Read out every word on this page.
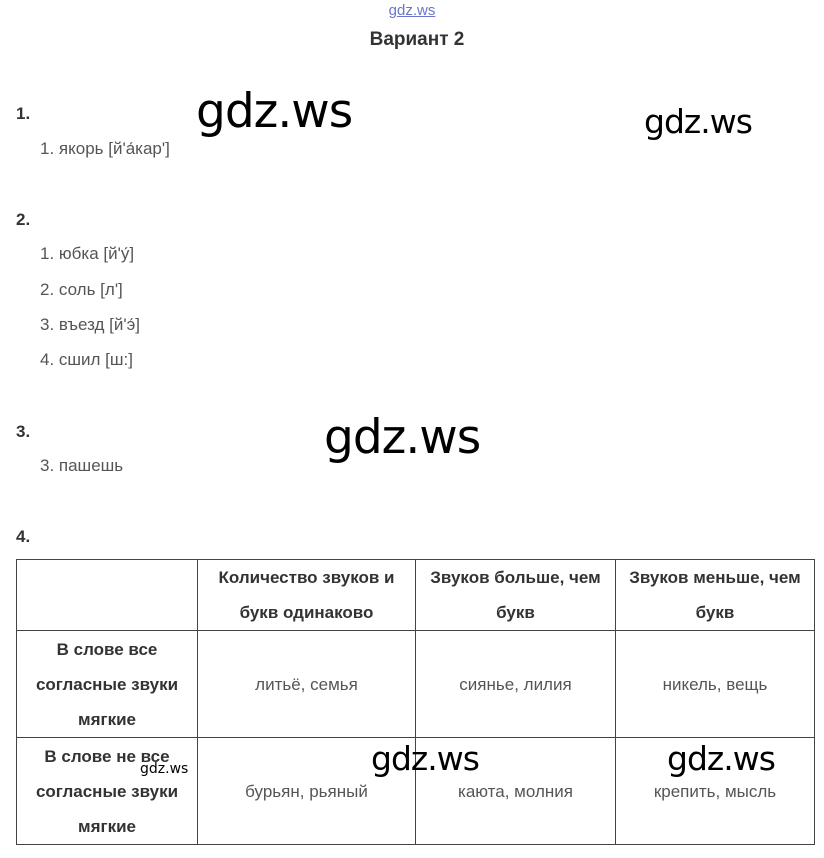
gdz.ws
Вариант 2
1.
1. якорь [й'а́кар']
2.
1. юбка [й'у́]
2. соль [л']
3. въезд [й'э́]
4. сшил [ш:]
3.
3. пашешь
4.
	Количество звуков и букв одинаково	Звуков больше, чем букв	Звуков меньше, чем букв
В слове все согласные звуки мягкие	литьё, семья	сиянье, лилия	никель, вещь
В слове не все согласные звуки мягкие	бурьян, рьяный	каюта, молния	крепить, мысль
gdz.ws	gdz.ws
gdz.ws
gdz.ws	gdz.ws
gdz.ws
